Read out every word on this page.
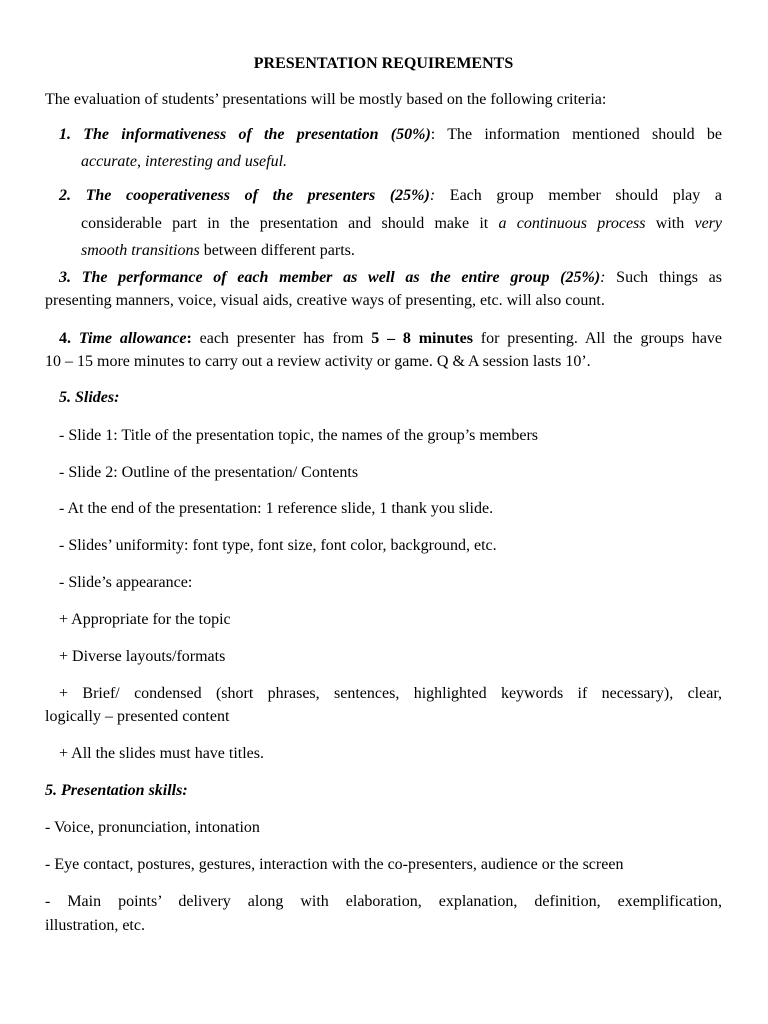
PRESENTATION REQUIREMENTS
The evaluation of students’ presentations will be mostly based on the following criteria:
1. The informativeness of the presentation (50%): The information mentioned should be
accurate, interesting and useful.
2. The cooperativeness of the presenters (25%): Each group member should play a
considerable part in the presentation and should make it a continuous process with very
smooth transitions between different parts.
3. The performance of each member as well as the entire group (25%): Such things as
presenting manners, voice, visual aids, creative ways of presenting, etc. will also count.
4. Time allowance: each presenter has from 5 – 8 minutes for presenting. All the groups have
10 – 15 more minutes to carry out a review activity or game. Q & A session lasts 10’.
5. Slides:
- Slide 1: Title of the presentation topic, the names of the group’s members
- Slide 2: Outline of the presentation/ Contents
- At the end of the presentation: 1 reference slide, 1 thank you slide.
- Slides’ uniformity: font type, font size, font color, background, etc.
- Slide’s appearance:
+ Appropriate for the topic
+ Diverse layouts/formats
+ Brief/ condensed (short phrases, sentences, highlighted keywords if necessary), clear,
logically – presented content
+ All the slides must have titles.
5. Presentation skills:
- Voice, pronunciation, intonation
- Eye contact, postures, gestures, interaction with the co-presenters, audience or the screen
- Main points’ delivery along with elaboration, explanation, definition, exemplification,
illustration, etc.
